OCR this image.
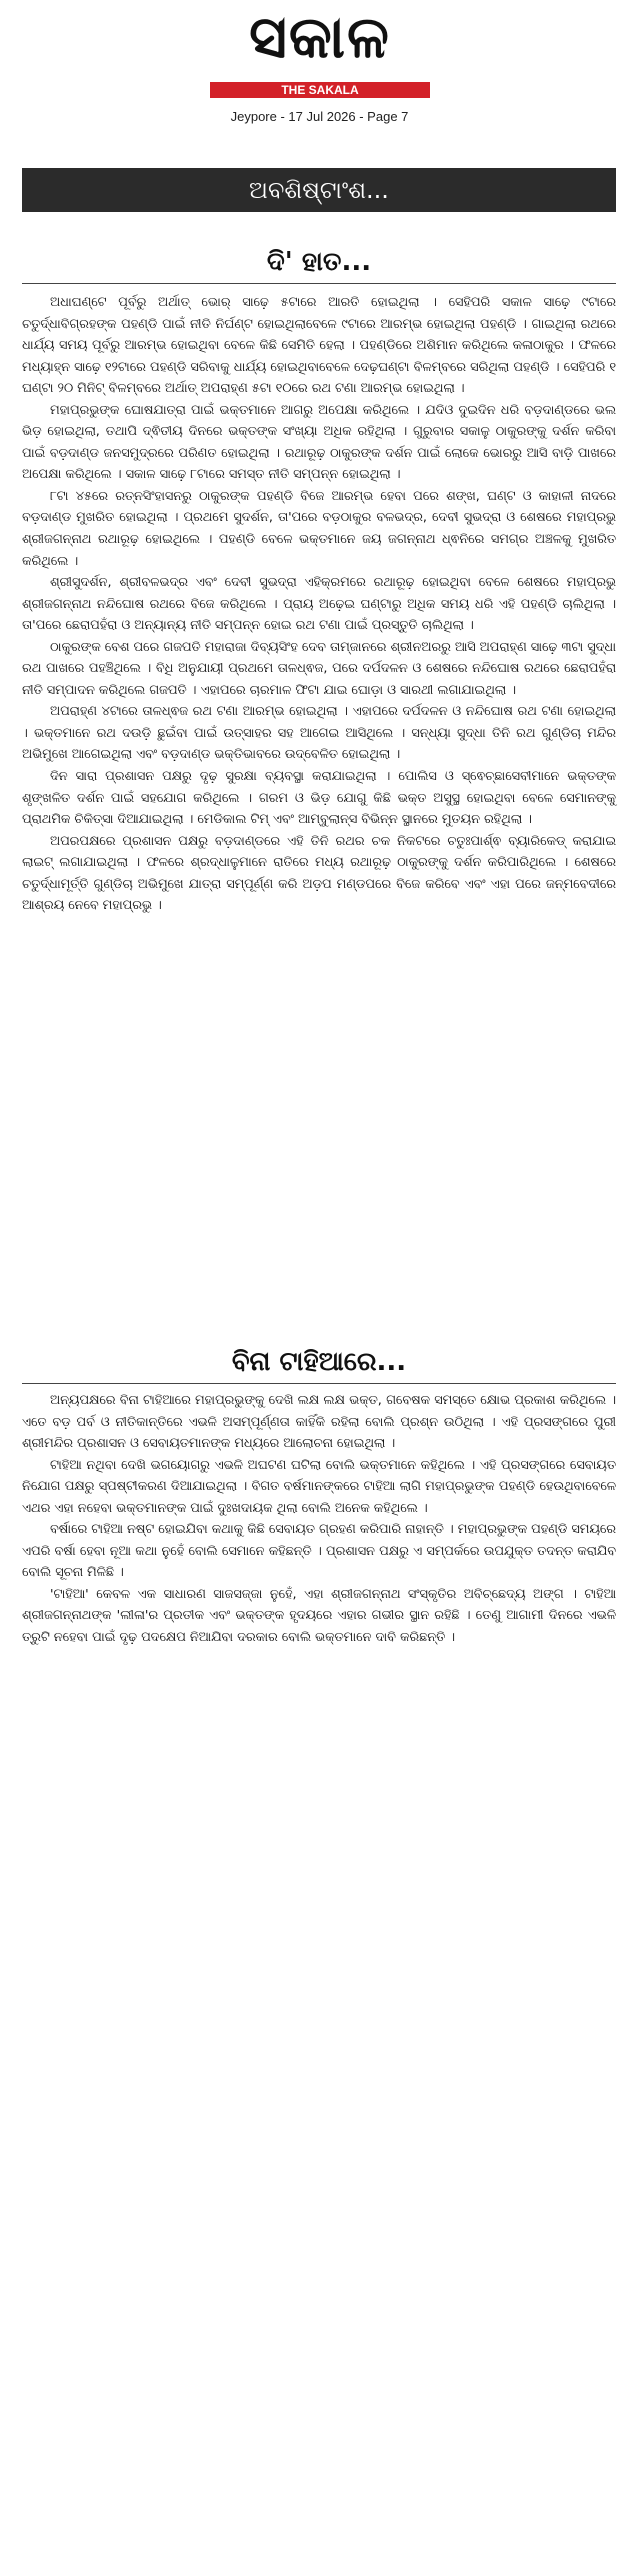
ସକାଳ
THE SAKALA
Jeypore - 17 Jul 2026 - Page 7
ଅବଶିଷ୍ଟାଂଶ...
ଦି' ହାତ...

ଅଧାଘଣ୍ଟେ ପୂର୍ବରୁ ଅର୍ଥାତ୍ ଭୋର୍ ସାଢ଼େ ୫ଟାରେ ଆରତି ହୋଇଥିଲା । ସେହିପରି ସକାଳ ସାଢ଼େ ୯ଟାରେ ଚତୁର୍ଦ୍ଧାବିଗ୍ରହଙ୍କ ପହଣ୍ଡି ପାଇଁ ନୀତି ନିର୍ଘଣ୍ଟ ହୋଇଥିଲାବେଳେ ୯ଟାରେ ଆରମ୍ଭ ହୋଇଥିଲା ପହଣ୍ଡି । ଗାଇଥିଲା ରଥରେ ଧାର୍ଯ୍ୟ ସମୟ ପୂର୍ବରୁ ଆରମ୍ଭ ହୋଇଥିବା ବେଳେ କିଛି ସେମିତି ହେଲା । ପହଣ୍ଡିରେ ଅଶିମାନ କରିଥିଲେ କଳାଠାକୁର । ଫଳରେ ମଧ୍ୟାହ୍ନ ସାଢ଼େ ୧୨ଟାରେ ପହଣ୍ଡି ସରିବାକୁ ଧାର୍ଯ୍ୟ ହୋଇଥିବାବେଳେ ଦେଢ଼ଘଣ୍ଟା ବିଳମ୍ବରେ ସରିଥିଲା ପହଣ୍ଡି । ସେହିପରି ୧ ଘଣ୍ଟା ୨୦ ମିନିଟ୍ ବିଳମ୍ବରେ ଅର୍ଥାତ୍ ଅପରାହ୍ଣ ୫ଟା ୧୦ରେ ରଥ ଟଣା ଆରମ୍ଭ ହୋଇଥିଲା ।

ମହାପ୍ରଭୁଙ୍କ ଘୋଷଯାତ୍ରା ପାଇଁ ଭକ୍ତମାନେ ଆଗରୁ ଅପେକ୍ଷା କରିଥିଲେ । ଯଦିଓ ଦୁଇଦିନ ଧରି ବଡ଼ଦାଣ୍ଡରେ ଭଲ ଭିଡ଼ ହୋଇଥିଲା, ତଥାପି ଦ୍ଵିତୀୟ ଦିନରେ ଭକ୍ତଙ୍କ ସଂଖ୍ୟା ଅଧିକ ରହିଥିଲା । ଗୁରୁବାର ସକାଳୁ ଠାକୁରଙ୍କୁ ଦର୍ଶନ କରିବା ପାଇଁ ବଡ଼ଦାଣ୍ଡ ଜନସମୁଦ୍ରରେ ପରିଣତ ହୋଇଥିଲା । ରଥାରୂଢ଼ ଠାକୁରଙ୍କ ଦର୍ଶନ ପାଇଁ ଲୋକେ ଭୋରରୁ ଆସି ବାଡ଼ି ପାଖରେ ଅପେକ୍ଷା କରିଥିଲେ । ସକାଳ ସାଢ଼େ ୮ଟାରେ ସମସ୍ତ ନୀତି ସମ୍ପନ୍ନ ହୋଇଥିଲା ।

୮ଟା ୪୫ରେ ରତ୍ନସିଂହାସନରୁ ଠାକୁରଙ୍କ ପହଣ୍ଡି ବିଜେ ଆରମ୍ଭ ହେବା ପରେ ଶଙ୍ଖ, ଘଣ୍ଟ ଓ କାହାଳୀ ନାଦରେ ବଡ଼ଦାଣ୍ଡ ମୁଖରିତ ହୋଇଥିଲା । ପ୍ରଥମେ ସୁଦର୍ଶନ, ତା'ପରେ ବଡ଼ଠାକୁର ବଳଭଦ୍ର, ଦେବୀ ସୁଭଦ୍ରା ଓ ଶେଷରେ ମହାପ୍ରଭୁ ଶ୍ରୀଜଗନ୍ନାଥ ରଥାରୂଢ଼ ହୋଇଥିଲେ । ପହଣ୍ଡି ବେଳେ ଭକ୍ତମାନେ ଜୟ ଜଗନ୍ନାଥ ଧ୍ଵନିରେ ସମଗ୍ର ଅଞ୍ଚଳକୁ ମୁଖରିତ କରିଥିଲେ ।

ଶ୍ରୀସୁଦର୍ଶନ, ଶ୍ରୀବଳଭଦ୍ର ଏବଂ ଦେବୀ ସୁଭଦ୍ରା ଏହିକ୍ରମରେ ରଥାରୂଢ଼ ହୋଇଥିବା ବେଳେ ଶେଷରେ ମହାପ୍ରଭୁ ଶ୍ରୀଜଗନ୍ନାଥ ନନ୍ଦିଘୋଷ ରଥରେ ବିଜେ କରିଥିଲେ । ପ୍ରାୟ ଅଢ଼େଇ ଘଣ୍ଟାରୁ ଅଧିକ ସମୟ ଧରି ଏହି ପହଣ୍ଡି ଚାଲିଥିଲା । ତା'ପରେ ଛେରାପହଁରା ଓ ଅନ୍ୟାନ୍ୟ ନୀତି ସମ୍ପନ୍ନ ହୋଇ ରଥ ଟଣା ପାଇଁ ପ୍ରସ୍ତୁତି ଚାଲିଥିଲା ।

ଠାକୁରଙ୍କ ବେଶ ପରେ ଗଜପତି ମହାରାଜା ଦିବ୍ୟସିଂହ ଦେବ ତାମ୍‌ଜାନରେ ଶ୍ରୀନଅରରୁ ଆସି ଅପରାହ୍ଣ ସାଢ଼େ ୩ଟା ସୁଦ୍ଧା ରଥ ପାଖରେ ପହଞ୍ଚିଥିଲେ । ବିଧି ଅନୁଯାୟୀ ପ୍ରଥମେ ତାଳଧ୍ଵଜ, ପରେ ଦର୍ପଦଳନ ଓ ଶେଷରେ ନନ୍ଦିଘୋଷ ରଥରେ ଛେରାପହଁରା ନୀତି ସମ୍ପାଦନ କରିଥିଲେ ଗଜପତି । ଏହାପରେ ଚାରମାଳ ଫିଟା ଯାଇ ଘୋଡ଼ା ଓ ସାରଥୀ ଲଗାଯାଇଥିଲା ।

ଅପରାହ୍ଣ ୪ଟାରେ ତାଳଧ୍ଵଜ ରଥ ଟଣା ଆରମ୍ଭ ହୋଇଥିଲା । ଏହାପରେ ଦର୍ପଦଳନ ଓ ନନ୍ଦିଘୋଷ ରଥ ଟଣା ହୋଇଥିଲା । ଭକ୍ତମାନେ ରଥ ଦଉଡ଼ି ଛୁଇଁବା ପାଇଁ ଉତ୍ସାହର ସହ ଆଗେଇ ଆସିଥିଲେ । ସନ୍ଧ୍ୟା ସୁଦ୍ଧା ତିନି ରଥ ଗୁଣ୍ଡିଚା ମନ୍ଦିର ଅଭିମୁଖେ ଆଗେଇଥିଲା ଏବଂ ବଡ଼ଦାଣ୍ଡ ଭକ୍ତିଭାବରେ ଉଦ୍‌ବେଳିତ ହୋଇଥିଲା ।

ଦିନ ସାରା ପ୍ରଶାସନ ପକ୍ଷରୁ ଦୃଢ଼ ସୁରକ୍ଷା ବ୍ୟବସ୍ଥା କରାଯାଇଥିଲା । ପୋଲିସ ଓ ସ୍ଵେଚ୍ଛାସେବୀମାନେ ଭକ୍ତଙ୍କ ଶୃଙ୍ଖଳିତ ଦର୍ଶନ ପାଇଁ ସହଯୋଗ କରିଥିଲେ । ଗରମ ଓ ଭିଡ଼ ଯୋଗୁ କିଛି ଭକ୍ତ ଅସୁସ୍ଥ ହୋଇଥିବା ବେଳେ ସେମାନଙ୍କୁ ପ୍ରାଥମିକ ଚିକିତ୍ସା ଦିଆଯାଇଥିଲା । ମେଡିକାଲ ଟିମ୍ ଏବଂ ଆମ୍ବୁଲାନ୍ସ ବିଭିନ୍ନ ସ୍ଥାନରେ ମୁତୟନ ରହିଥିଲା ।

ଅପରପକ୍ଷରେ ପ୍ରଶାସନ ପକ୍ଷରୁ ବଡ଼ଦାଣ୍ଡରେ ଏହି ତିନି ରଥର ଚକ ନିକଟରେ ଚତୁଃପାର୍ଶ୍ଵ ବ୍ୟାରିକେଡ୍ କରାଯାଇ ଲାଇଟ୍ ଲଗାଯାଇଥିଲା । ଫଳରେ ଶ୍ରଦ୍ଧାଳୁମାନେ ରାତିରେ ମଧ୍ୟ ରଥାରୂଢ଼ ଠାକୁରଙ୍କୁ ଦର୍ଶନ କରିପାରିଥିଲେ । ଶେଷରେ ଚତୁର୍ଦ୍ଧାମୂର୍ତ୍ତି ଗୁଣ୍ଡିଚା ଅଭିମୁଖେ ଯାତ୍ରା ସମ୍ପୂର୍ଣ୍ଣ କରି ଅଡ଼ପ ମଣ୍ଡପରେ ବିଜେ କରିବେ ଏବଂ ଏହା ପରେ ଜନ୍ମବେଦୀରେ ଆଶ୍ରୟ ନେବେ ମହାପ୍ରଭୁ ।

ବିନା ଟାହିଆରେ...

ଅନ୍ୟପକ୍ଷରେ ବିନା ଟାହିଆରେ ମହାପ୍ରଭୁଙ୍କୁ ଦେଖି ଲକ୍ଷ ଲକ୍ଷ ଭକ୍ତ, ଗବେଷକ ସମସ୍ତେ କ୍ଷୋଭ ପ୍ରକାଶ କରିଥିଲେ । ଏତେ ବଡ଼ ପର୍ବ ଓ ନୀତିକାନ୍ତିରେ ଏଭଳି ଅସମ୍ପୂର୍ଣ୍ଣତା କାହିଁକି ରହିଲା ବୋଲି ପ୍ରଶ୍ନ ଉଠିଥିଲା । ଏହି ପ୍ରସଙ୍ଗରେ ପୁରୀ ଶ୍ରୀମନ୍ଦିର ପ୍ରଶାସନ ଓ ସେବାୟତମାନଙ୍କ ମଧ୍ୟରେ ଆଲୋଚନା ହୋଇଥିଲା ।

ଟାହିଆ ନଥିବା ଦେଖି ଭଗୟୋଗରୁ ଏଭଳି ଅଘଟଣ ଘଟିଲା ବୋଲି ଭକ୍ତମାନେ କହିଥିଲେ । ଏହି ପ୍ରସଙ୍ଗରେ ସେବାୟତ ନିଯୋଗ ପକ୍ଷରୁ ସ୍ପଷ୍ଟୀକରଣ ଦିଆଯାଇଥିଲା । ବିଗତ ବର୍ଷମାନଙ୍କରେ ଟାହିଆ ଲାଗି ମହାପ୍ରଭୁଙ୍କ ପହଣ୍ଡି ହେଉଥିବାବେଳେ ଏଥର ଏହା ନହେବା ଭକ୍ତମାନଙ୍କ ପାଇଁ ଦୁଃଖଦାୟକ ଥିଲା ବୋଲି ଅନେକ କହିଥିଲେ ।

ବର୍ଷାରେ ଟାହିଆ ନଷ୍ଟ ହୋଇଯିବା କଥାକୁ କିଛି ସେବାୟତ ଗ୍ରହଣ କରିପାରି ନାହାନ୍ତି । ମହାପ୍ରଭୁଙ୍କ ପହଣ୍ଡି ସମୟରେ ଏପରି ବର୍ଷା ହେବା ନୂଆ କଥା ନୁହେଁ ବୋଲି ସେମାନେ କହିଛନ୍ତି । ପ୍ରଶାସନ ପକ୍ଷରୁ ଏ ସମ୍ପର୍କରେ ଉପଯୁକ୍ତ ତଦନ୍ତ କରାଯିବ ବୋଲି ସୂଚନା ମିଳିଛି ।

'ଟାହିଆ' କେବଳ ଏକ ସାଧାରଣ ସାଜସଜ୍ଜା ନୁହେଁ, ଏହା ଶ୍ରୀଜଗନ୍ନାଥ ସଂସ୍କୃତିର ଅବିଚ୍ଛେଦ୍ୟ ଅଙ୍ଗ । ଟାହିଆ ଶ୍ରୀଜଗନ୍ନାଥଙ୍କ 'ଲୀଳା'ର ପ୍ରତୀକ ଏବଂ ଭକ୍ତଙ୍କ ହୃଦୟରେ ଏହାର ଗଭୀର ସ୍ଥାନ ରହିଛି । ତେଣୁ ଆଗାମୀ ଦିନରେ ଏଭଳି ତ୍ରୁଟି ନହେବା ପାଇଁ ଦୃଢ଼ ପଦକ୍ଷେପ ନିଆଯିବା ଦରକାର ବୋଲି ଭକ୍ତମାନେ ଦାବି କରିଛନ୍ତି ।
